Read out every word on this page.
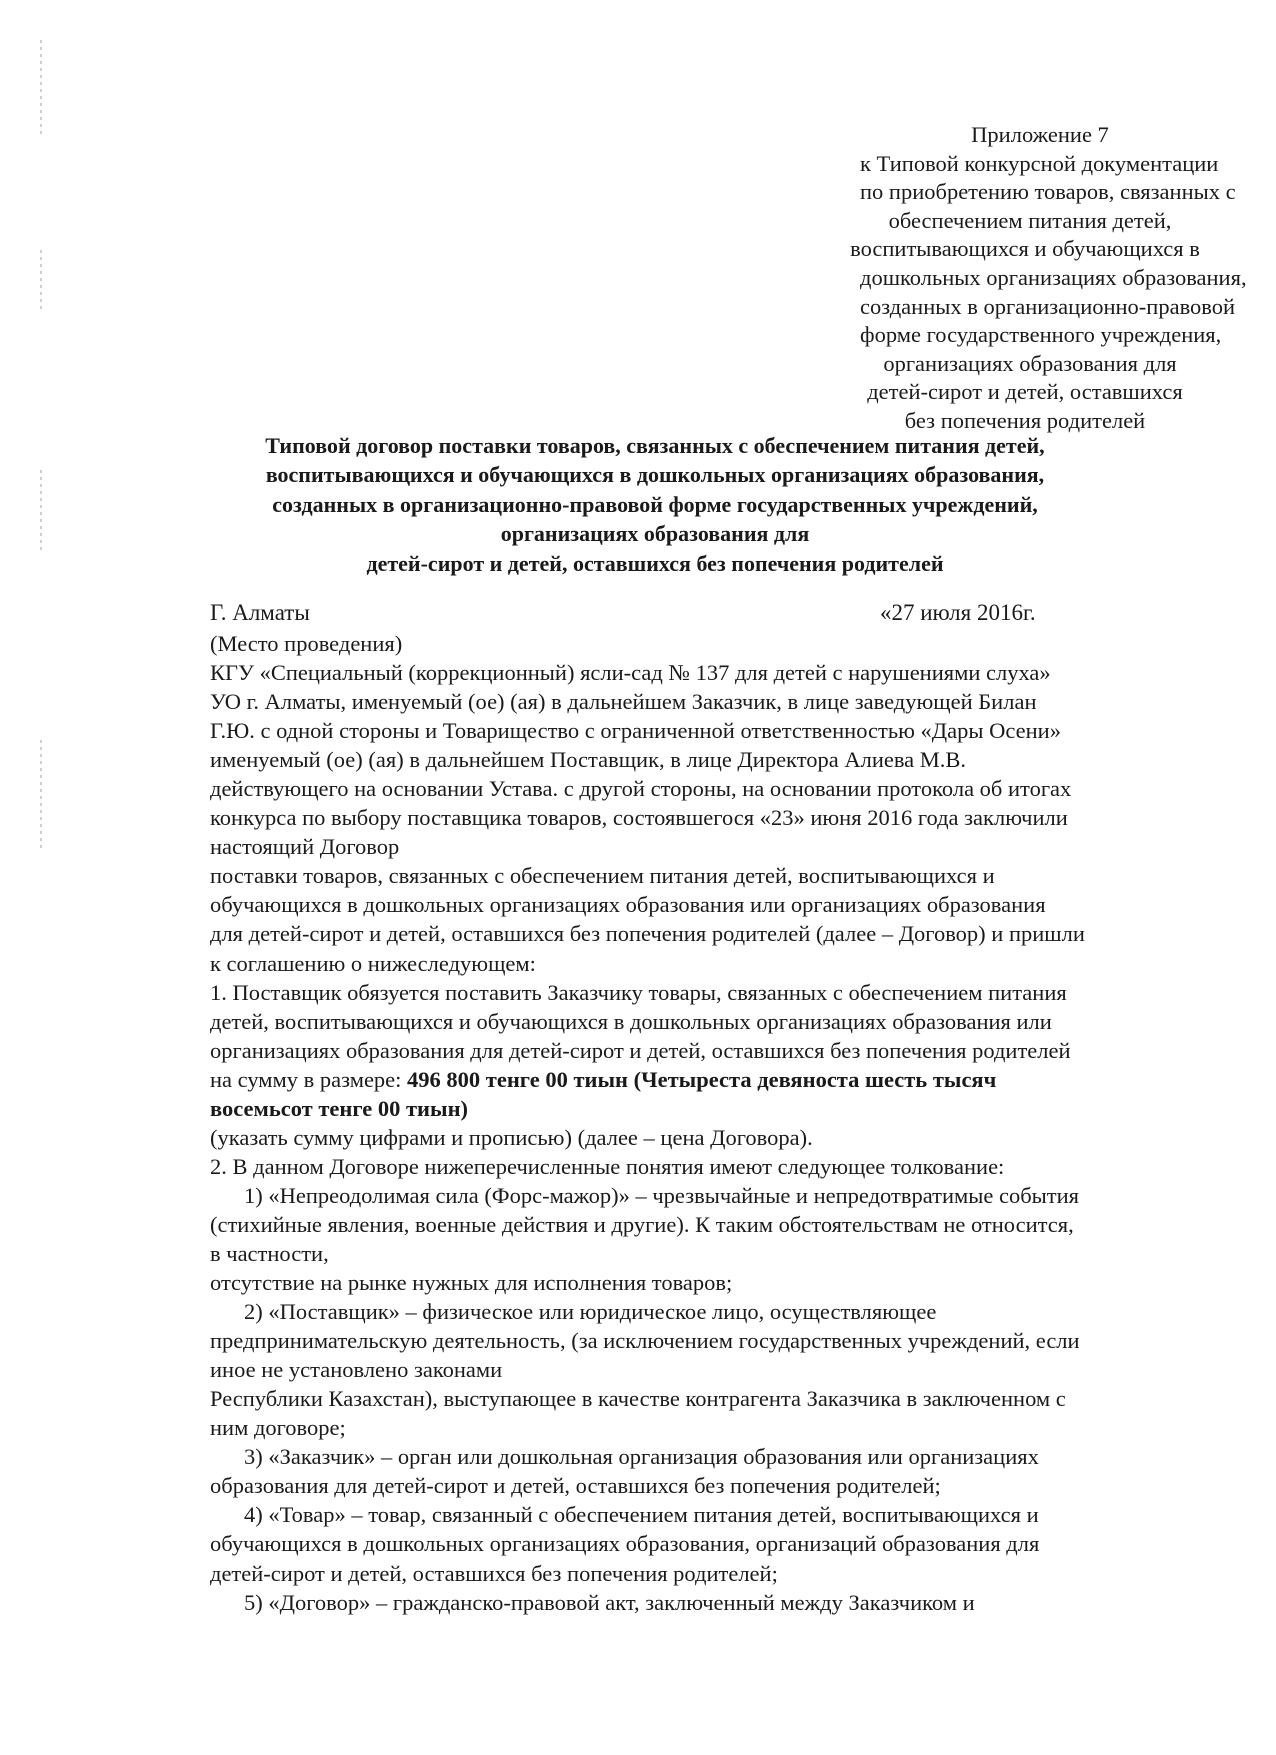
Приложение 7
к Типовой конкурсной документации
по приобретению товаров, связанных с
обеспечением питания детей,
воспитывающихся и обучающихся в
дошкольных организациях образования,
созданных в организационно-правовой
форме государственного учреждения,
организациях образования для
детей-сирот и детей, оставшихся
без попечения родителей
Типовой договор поставки товаров, связанных с обеспечением питания детей,
воспитывающихся и обучающихся в дошкольных организациях образования,
созданных в организационно-правовой форме государственных учреждений,
организациях образования для
детей-сирот и детей, оставшихся без попечения родителей
Г. Алматы	«27 июля 2016г.
(Место проведения)
КГУ «Специальный (коррекционный) ясли-сад № 137 для детей с нарушениями слуха»
УО г. Алматы, именуемый (ое) (ая) в дальнейшем Заказчик, в лице заведующей Билан
Г.Ю. с одной стороны и Товарищество с ограниченной ответственностью «Дары Осени»
именуемый (ое) (ая) в дальнейшем Поставщик, в лице Директора Алиева М.В.
действующего на основании Устава. с другой стороны, на основании протокола об итогах
конкурса по выбору поставщика товаров, состоявшегося «23» июня 2016 года заключили
настоящий Договор
поставки товаров, связанных с обеспечением питания детей, воспитывающихся и
обучающихся в дошкольных организациях образования или организациях образования
для детей-сирот и детей, оставшихся без попечения родителей (далее – Договор) и пришли
к соглашению о нижеследующем:
1. Поставщик обязуется поставить Заказчику товары, связанных с обеспечением питания
детей, воспитывающихся и обучающихся в дошкольных организациях образования или
организациях образования для детей-сирот и детей, оставшихся без попечения родителей
на сумму в размере: 496 800 тенге 00 тиын (Четыреста девяноста шесть тысяч
восемьсот тенге 00 тиын)
(указать сумму цифрами и прописью) (далее – цена Договора).
2. В данном Договоре нижеперечисленные понятия имеют следующее толкование:
1) «Непреодолимая сила (Форс-мажор)» – чрезвычайные и непредотвратимые события
(стихийные явления, военные действия и другие). К таким обстоятельствам не относится,
в частности,
отсутствие на рынке нужных для исполнения товаров;
2) «Поставщик» – физическое или юридическое лицо, осуществляющее
предпринимательскую деятельность, (за исключением государственных учреждений, если
иное не установлено законами
Республики Казахстан), выступающее в качестве контрагента Заказчика в заключенном с
ним договоре;
3) «Заказчик» – орган или дошкольная организация образования или организациях
образования для детей-сирот и детей, оставшихся без попечения родителей;
4) «Товар» – товар, связанный с обеспечением питания детей, воспитывающихся и
обучающихся в дошкольных организациях образования, организаций образования для
детей-сирот и детей, оставшихся без попечения родителей;
5) «Договор» – гражданско-правовой акт, заключенный между Заказчиком и
